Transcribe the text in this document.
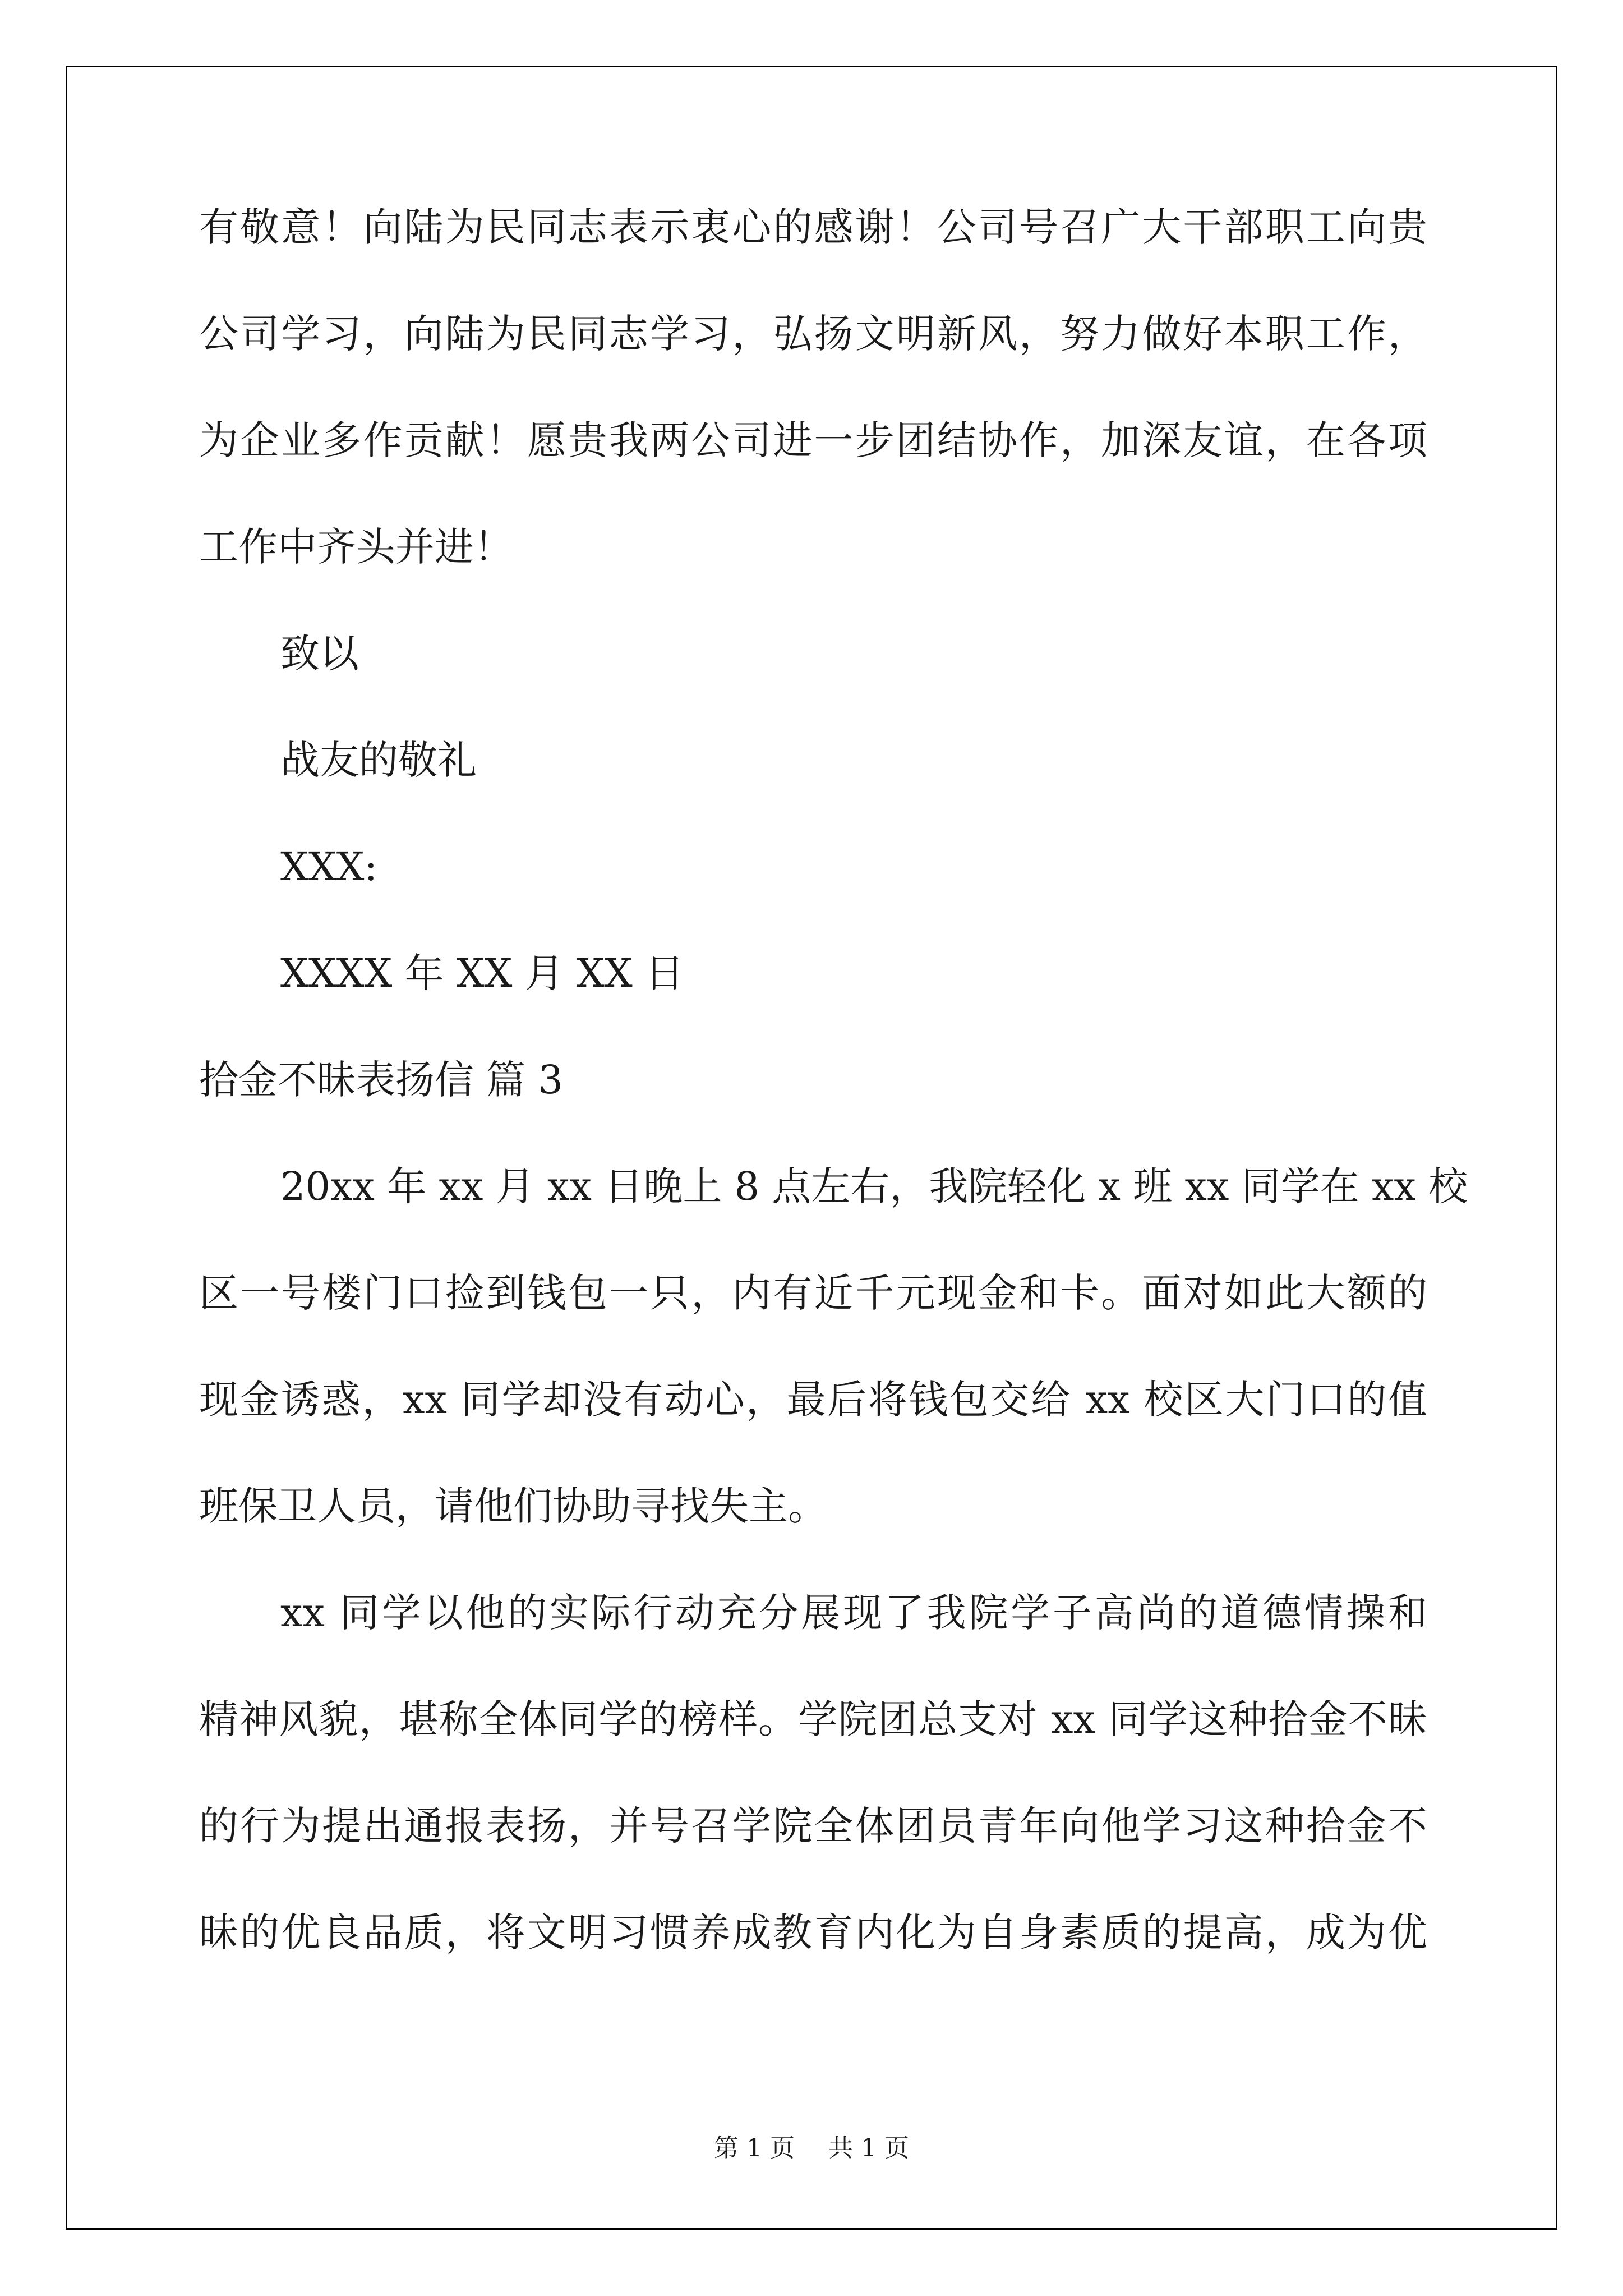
有敬意！向陆为民同志表示衷心的感谢！公司号召广大干部职工向贵
公司学习，向陆为民同志学习，弘扬文明新风，努力做好本职工作，
为企业多作贡献！愿贵我两公司进一步团结协作，加深友谊，在各项
工作中齐头并进！
致以
战友的敬礼
XXX:
XXXX 年 XX 月 XX 日
拾金不昧表扬信 篇 3
20xx 年 xx 月 xx 日晚上 8 点左右，我院轻化 x 班 xx 同学在 xx 校
区一号楼门口捡到钱包一只，内有近千元现金和卡。面对如此大额的
现金诱惑，xx 同学却没有动心，最后将钱包交给 xx 校区大门口的值
班保卫人员，请他们协助寻找失主。
xx 同学以他的实际行动充分展现了我院学子高尚的道德情操和
精神风貌，堪称全体同学的榜样。学院团总支对 xx 同学这种拾金不昧
的行为提出通报表扬，并号召学院全体团员青年向他学习这种拾金不
昧的优良品质，将文明习惯养成教育内化为自身素质的提高，成为优
第 1 页 共 1 页
